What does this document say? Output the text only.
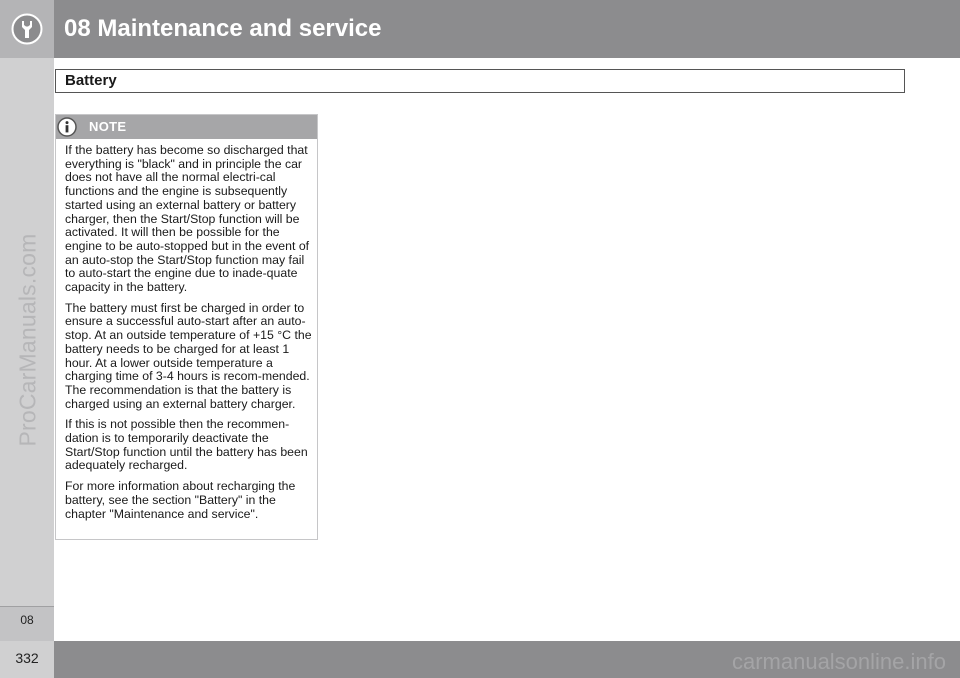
08 Maintenance and service
08
ProCarManuals.com
Battery
NOTE

If the battery has become so discharged that everything is "black" and in principle the car does not have all the normal electri-cal functions and the engine is subsequently started using an external battery or battery charger, then the Start/Stop function will be activated. It will then be possible for the engine to be auto-stopped but in the event of an auto-stop the Start/Stop function may fail to auto-start the engine due to inade-quate capacity in the battery.

The battery must first be charged in order to ensure a successful auto-start after an auto-stop. At an outside temperature of +15 °C the battery needs to be charged for at least 1 hour. At a lower outside temperature a charging time of 3-4 hours is recom-mended. The recommendation is that the battery is charged using an external battery charger.

If this is not possible then the recommen-dation is to temporarily deactivate the Start/Stop function until the battery has been adequately recharged.

For more information about recharging the battery, see the section "Battery" in the chapter "Maintenance and service".

332	carmanualsonline.info
